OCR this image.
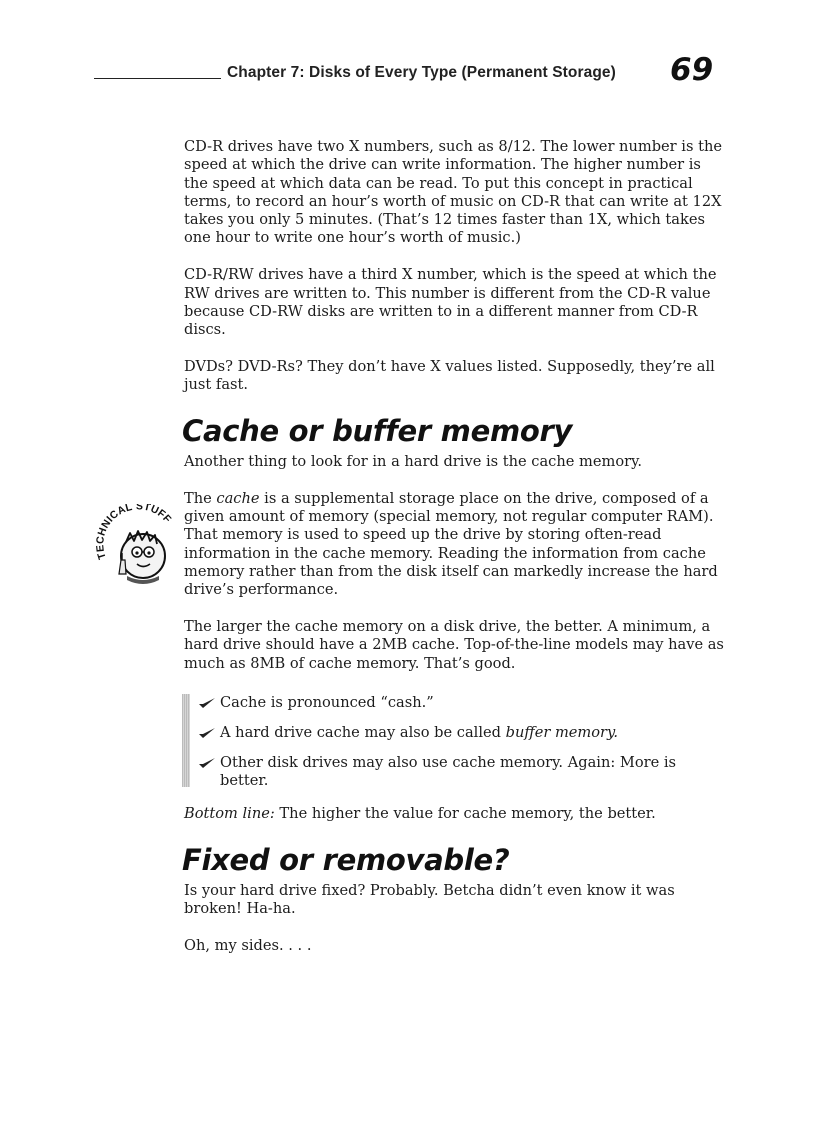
Chapter 7: Disks of Every Type (Permanent Storage) 69
TECHNICAL STUFF

CD-R drives have two X numbers, such as 8/12. The lower number is the speed at which the drive can write information. The higher number is the speed at which data can be read. To put this concept in practical terms, to record an hour’s worth of music on CD-R that can write at 12X takes you only 5 minutes. (That’s 12 times faster than 1X, which takes one hour to write one hour’s worth of music.)

CD-R/RW drives have a third X number, which is the speed at which the RW drives are written to. This number is different from the CD-R value because CD-RW disks are written to in a different manner from CD-R discs.

DVDs? DVD-Rs? They don’t have X values listed. Supposedly, they’re all just fast.

Cache or buffer memory

Another thing to look for in a hard drive is the cache memory.

The cache is a supplemental storage place on the drive, composed of a given amount of memory (special memory, not regular computer RAM). That memory is used to speed up the drive by storing often-read information in the cache memory. Reading the information from cache memory rather than from the disk itself can markedly increase the hard drive’s performance.

The larger the cache memory on a disk drive, the better. A minimum, a hard drive should have a 2MB cache. Top-of-the-line models may have as much as 8MB of cache memory. That’s good.

Cache is pronounced “cash.”
A hard drive cache may also be called buffer memory.
Other disk drives may also use cache memory. Again: More is better.

Bottom line: The higher the value for cache memory, the better.

Fixed or removable?

Is your hard drive fixed? Probably. Betcha didn’t even know it was broken! Ha-ha.

Oh, my sides. . . .
